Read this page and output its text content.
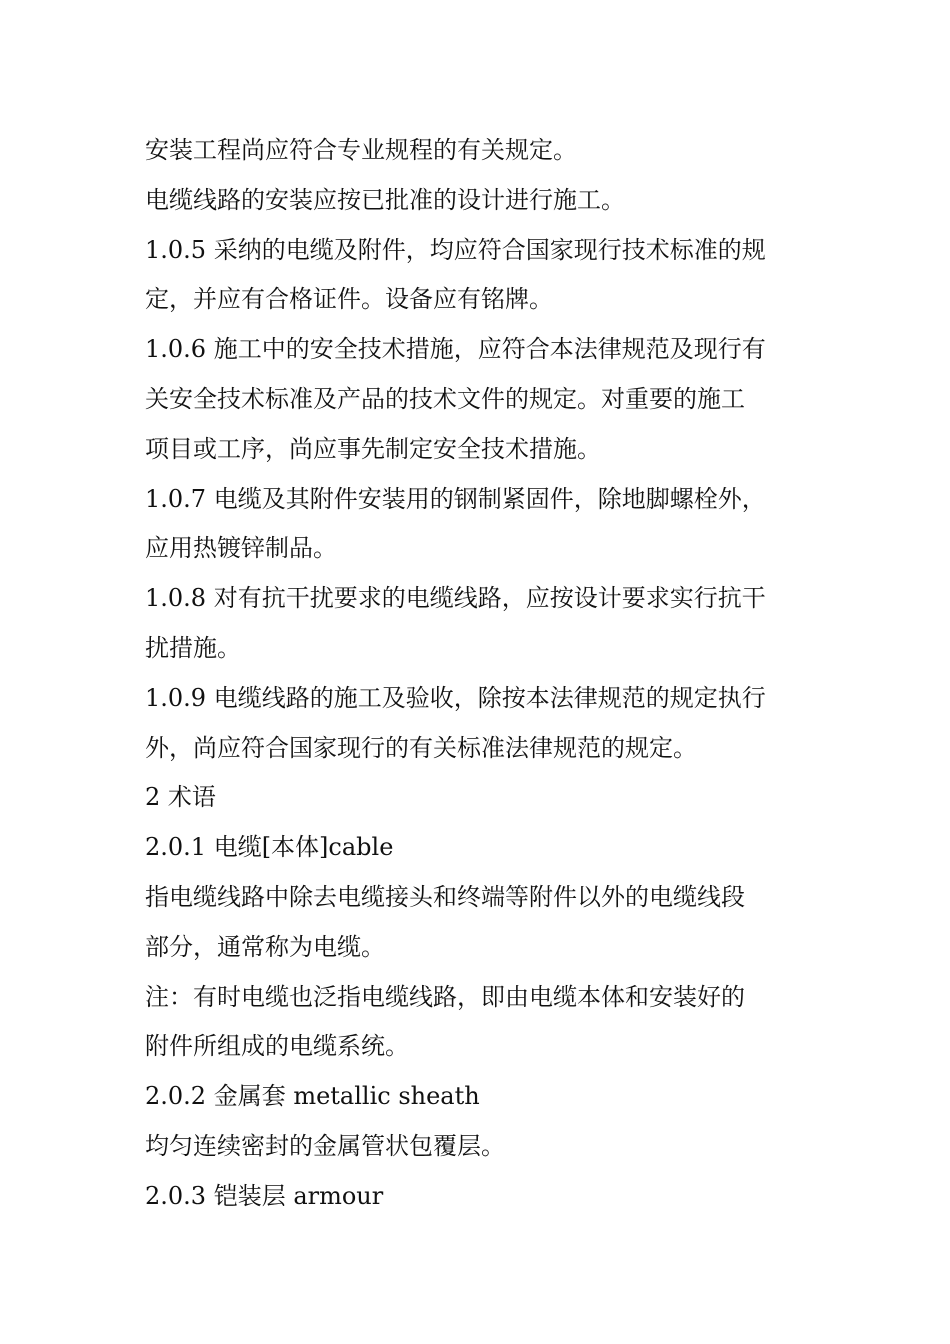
安装工程尚应符合专业规程的有关规定。
电缆线路的安装应按已批准的设计进行施工。
1.0.5 采纳的电缆及附件，均应符合国家现行技术标准的规
定，并应有合格证件。设备应有铭牌。
1.0.6 施工中的安全技术措施，应符合本法律规范及现行有
关安全技术标准及产品的技术文件的规定。对重要的施工
项目或工序，尚应事先制定安全技术措施。
1.0.7 电缆及其附件安装用的钢制紧固件，除地脚螺栓外，
应用热镀锌制品。
1.0.8 对有抗干扰要求的电缆线路，应按设计要求实行抗干
扰措施。
1.0.9 电缆线路的施工及验收，除按本法律规范的规定执行
外，尚应符合国家现行的有关标准法律规范的规定。
2 术语
2.0.1 电缆[本体]cable
指电缆线路中除去电缆接头和终端等附件以外的电缆线段
部分，通常称为电缆。
注：有时电缆也泛指电缆线路，即由电缆本体和安装好的
附件所组成的电缆系统。
2.0.2 金属套 metallic sheath
均匀连续密封的金属管状包覆层。
2.0.3 铠装层 armour
